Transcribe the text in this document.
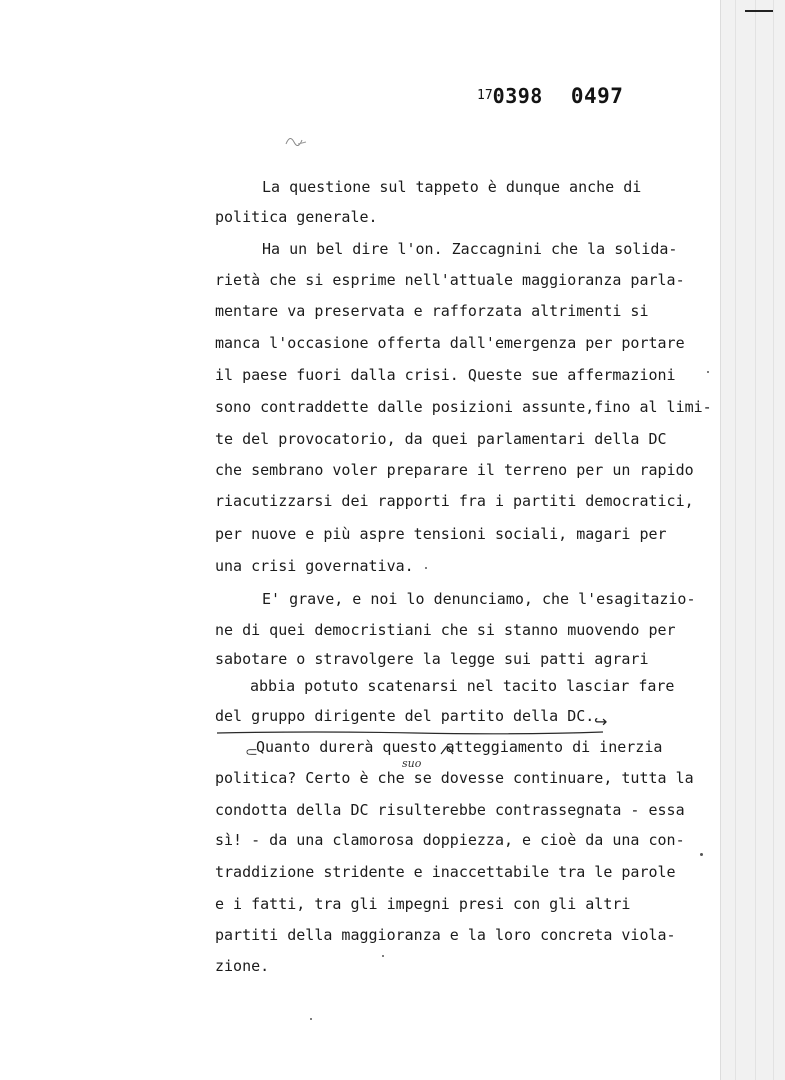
$^{17}$0398 0497
La questione sul tappeto è dunque anche di
politica generale.
Ha un bel dire l'on. Zaccagnini che la solida-
rietà che si esprime nell'attuale maggioranza parla-
mentare va preservata e rafforzata altrimenti si
manca l'occasione offerta dall'emergenza per portare
il paese fuori dalla crisi. Queste sue affermazioni
sono contraddette dalle posizioni assunte,fino al limi-
te del provocatorio, da quei parlamentari della DC
che sembrano voler preparare il terreno per un rapido
riacutizzarsi dei rapporti fra i partiti democratici,
per nuove e più aspre tensioni sociali, magari per
una crisi governativa.
E' grave, e noi lo denunciamo, che l'esagitazio-
ne di quei democristiani che si stanno muovendo per
sabotare o stravolgere la legge sui patti agrari
abbia potuto scatenarsi nel tacito lasciar fare
del gruppo dirigente del partito della DC.
Quanto durerà questo atteggiamento di inerzia
politica? Certo è che se dovesse continuare, tutta la
condotta della DC risulterebbe contrassegnata - essa
sì! - da una clamorosa doppiezza, e cioè da una con-
traddizione stridente e inaccettabile tra le parole
e i fatti, tra gli impegni presi con gli altri
partiti della maggioranza e la loro concreta viola-
zione.
↪
⸦
suo
